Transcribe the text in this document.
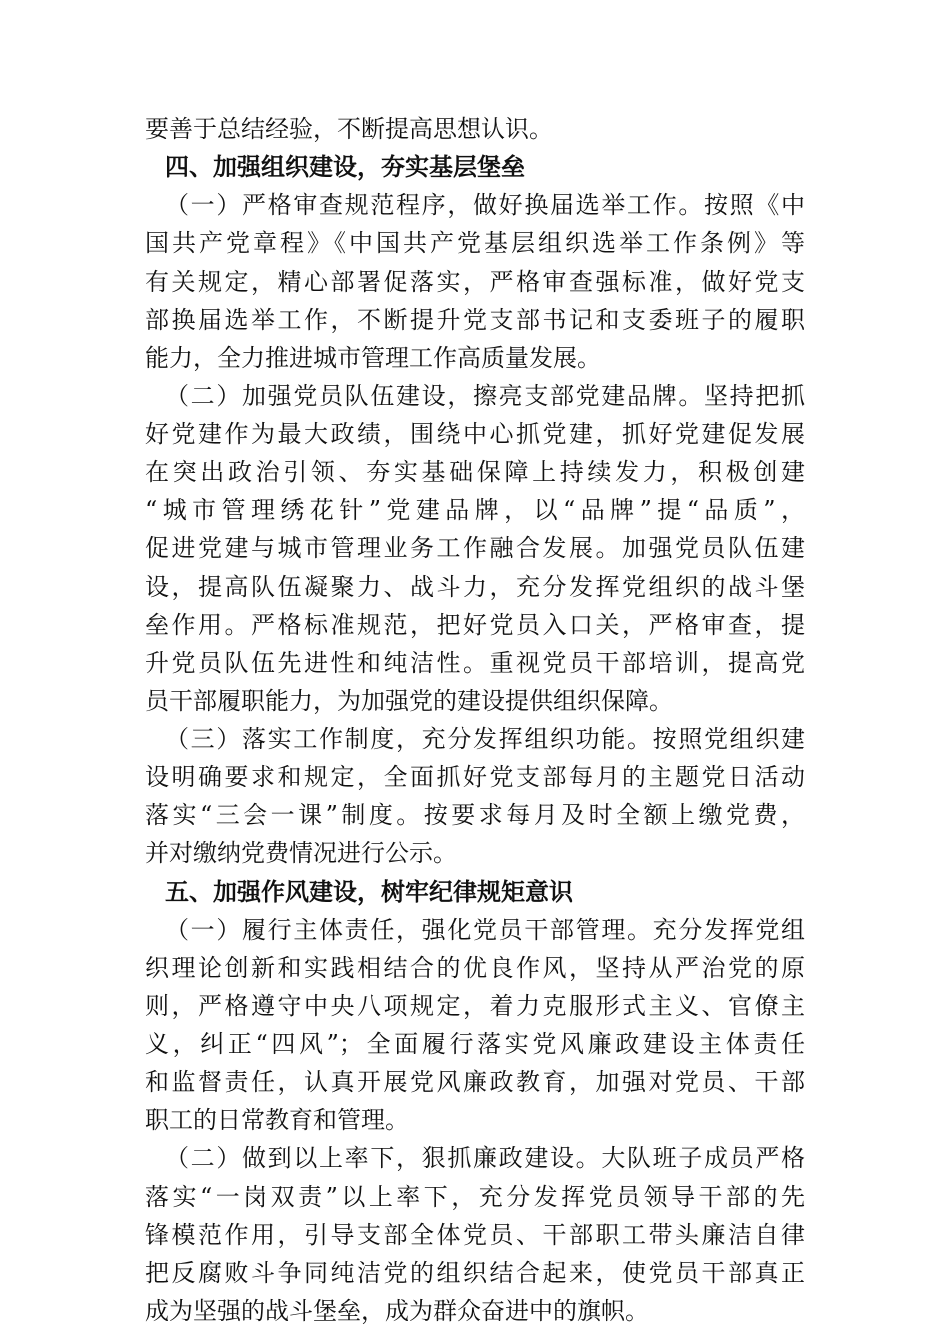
要善于总结经验，不断提高思想认识。
四、加强组织建设，夯实基层堡垒
（一）严格审查规范程序，做好换届选举工作。按照《中
国共产党章程》《中国共产党基层组织选举工作条例》等
有关规定，精心部署促落实，严格审查强标准，做好党支
部换届选举工作，不断提升党支部书记和支委班子的履职
能力，全力推进城市管理工作高质量发展。
（二）加强党员队伍建设，擦亮支部党建品牌。坚持把抓
好党建作为最大政绩，围绕中心抓党建，抓好党建促发展
在突出政治引领、夯实基础保障上持续发力，积极创建
“城市管理绣花针”党建品牌，以“品牌”提“品质”，
促进党建与城市管理业务工作融合发展。加强党员队伍建
设，提高队伍凝聚力、战斗力，充分发挥党组织的战斗堡
垒作用。严格标准规范，把好党员入口关，严格审查，提
升党员队伍先进性和纯洁性。重视党员干部培训，提高党
员干部履职能力，为加强党的建设提供组织保障。
（三）落实工作制度，充分发挥组织功能。按照党组织建
设明确要求和规定，全面抓好党支部每月的主题党日活动
落实“三会一课”制度。按要求每月及时全额上缴党费，
并对缴纳党费情况进行公示。
五、加强作风建设，树牢纪律规矩意识
（一）履行主体责任，强化党员干部管理。充分发挥党组
织理论创新和实践相结合的优良作风，坚持从严治党的原
则，严格遵守中央八项规定，着力克服形式主义、官僚主
义，纠正“四风”；全面履行落实党风廉政建设主体责任
和监督责任，认真开展党风廉政教育，加强对党员、干部
职工的日常教育和管理。
（二）做到以上率下，狠抓廉政建设。大队班子成员严格
落实“一岗双责”以上率下，充分发挥党员领导干部的先
锋模范作用，引导支部全体党员、干部职工带头廉洁自律
把反腐败斗争同纯洁党的组织结合起来，使党员干部真正
成为坚强的战斗堡垒，成为群众奋进中的旗帜。
